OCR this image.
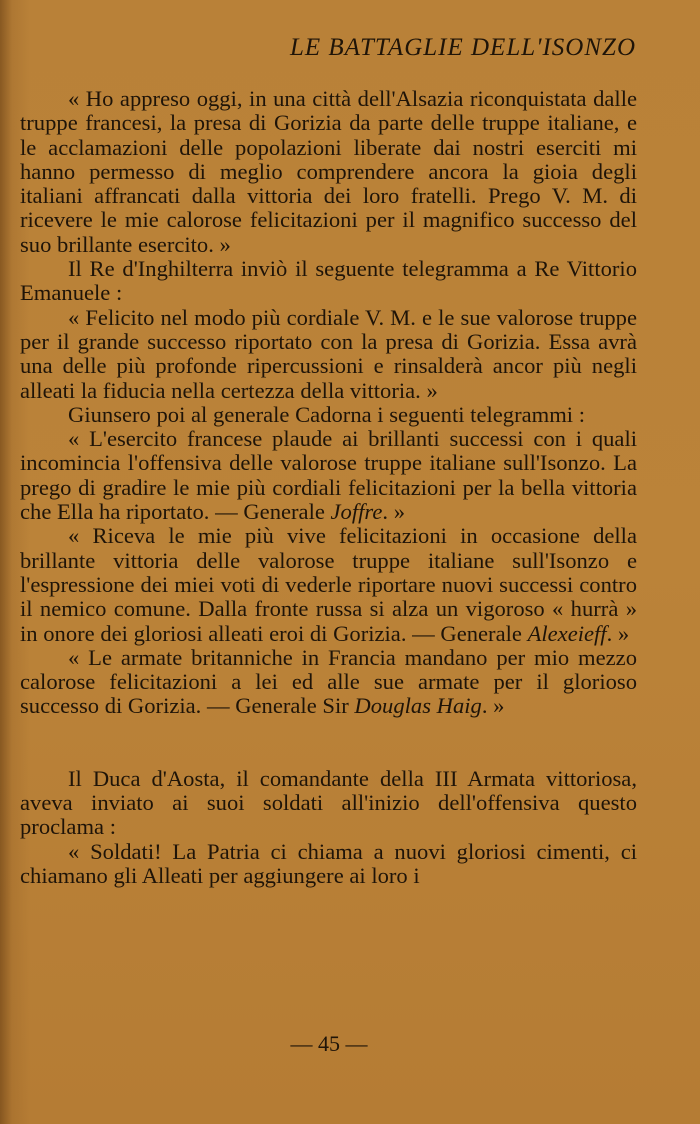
LE BATTAGLIE DELL'ISONZO

« Ho appreso oggi, in una città dell'Alsazia riconquistata dalle truppe francesi, la presa di Gorizia da parte delle truppe italiane, e le acclamazioni delle popolazioni liberate dai nostri eserciti mi hanno permesso di meglio comprendere ancora la gioia degli italiani affrancati dalla vittoria dei loro fratelli. Prego V. M. di ricevere le mie calorose felicitazioni per il magnifico successo del suo brillante esercito. »

Il Re d'Inghilterra inviò il seguente telegramma a Re Vittorio Emanuele :

« Felicito nel modo più cordiale V. M. e le sue valorose truppe per il grande successo riportato con la presa di Gorizia. Essa avrà una delle più profonde ripercussioni e rinsalderà ancor più negli alleati la fiducia nella certezza della vittoria. »

Giunsero poi al generale Cadorna i seguenti telegrammi :

« L'esercito francese plaude ai brillanti successi con i quali incomincia l'offensiva delle valorose truppe italiane sull'Isonzo. La prego di gradire le mie più cordiali felicitazioni per la bella vittoria che Ella ha riportato. — Generale Joffre. »

« Riceva le mie più vive felicitazioni in occasione della brillante vittoria delle valorose truppe italiane sull'Isonzo e l'espressione dei miei voti di vederle riportare nuovi successi contro il nemico comune. Dalla fronte russa si alza un vigoroso « hurrà » in onore dei gloriosi alleati eroi di Gorizia. — Generale Alexeieff. »

« Le armate britanniche in Francia mandano per mio mezzo calorose felicitazioni a lei ed alle sue armate per il glorioso successo di Gorizia. — Generale Sir Douglas Haig. »

Il Duca d'Aosta, il comandante della III Armata vittoriosa, aveva inviato ai suoi soldati all'inizio dell'offensiva questo proclama :

« Soldati! La Patria ci chiama a nuovi gloriosi cimenti, ci chiamano gli Alleati per aggiungere ai loro i

— 45 —
